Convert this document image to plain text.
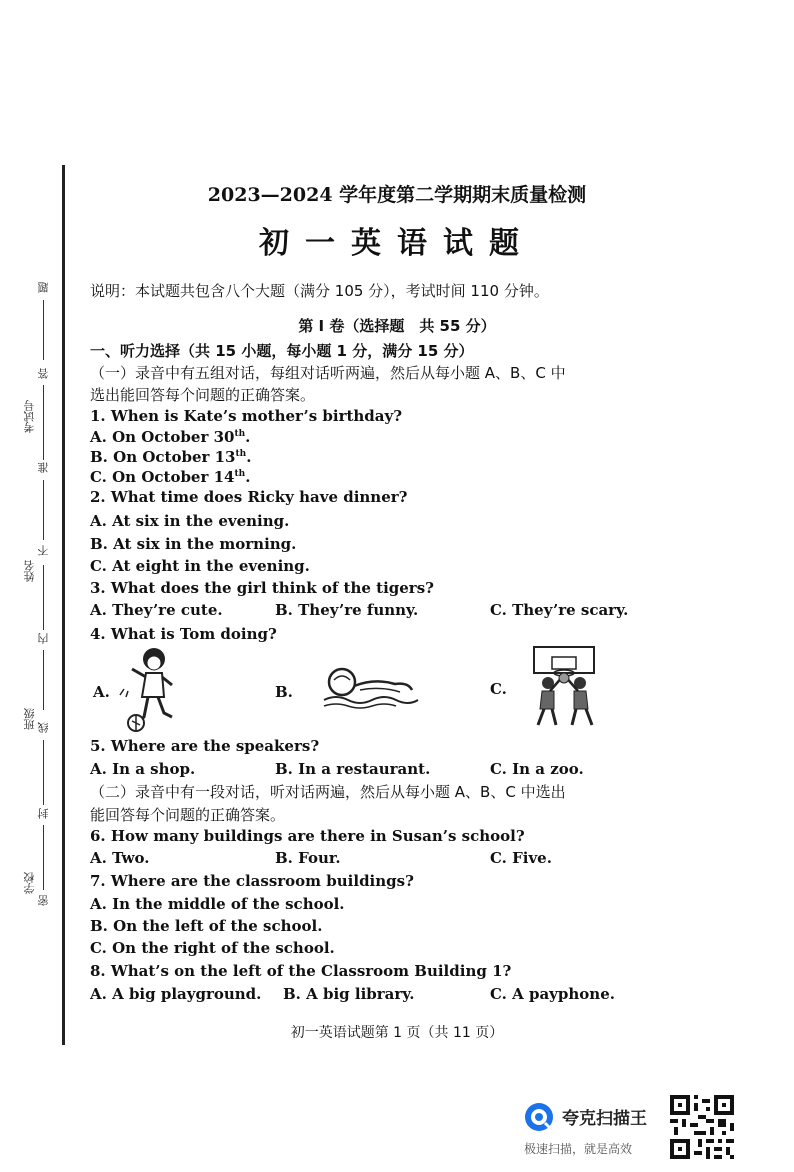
题
答
考试号
准
不
姓名
内
班级 线
封
学校
密
2023—2024 学年度第二学期期末质量检测
初一英语试题
说明：本试题共包含八个大题（满分 105 分），考试时间 110 分钟。
第 I 卷（选择题　共 55 分）
一、听力选择（共 15 小题，每小题 1 分，满分 15 分）
（一）录音中有五组对话，每组对话听两遍，然后从每小题 A、B、C 中
选出能回答每个问题的正确答案。
1. When is Kate’s mother’s birthday?
A. On October 30th.
B. On October 13th.
C. On October 14th.
2. What time does Ricky have dinner?
A. At six in the evening.
B. At six in the morning.
C. At eight in the evening.
3. What does the girl think of the tigers?
A. They’re cute.	B. They’re funny.	C. They’re scary.
4. What is Tom doing?
A.	B.	C.
5. Where are the speakers?
A. In a shop.	B. In a restaurant.	C. In a zoo.
（二）录音中有一段对话，听对话两遍，然后从每小题 A、B、C 中选出
能回答每个问题的正确答案。
6. How many buildings are there in Susan’s school?
A. Two.	B. Four.	C. Five.
7. Where are the classroom buildings?
A. In the middle of the school.
B. On the left of the school.
C. On the right of the school.
8. What’s on the left of the Classroom Building 1?
A. A big playground. B. A big library.	C. A payphone.
初一英语试题第 1 页（共 11 页）
夸克扫描王
极速扫描，就是高效
